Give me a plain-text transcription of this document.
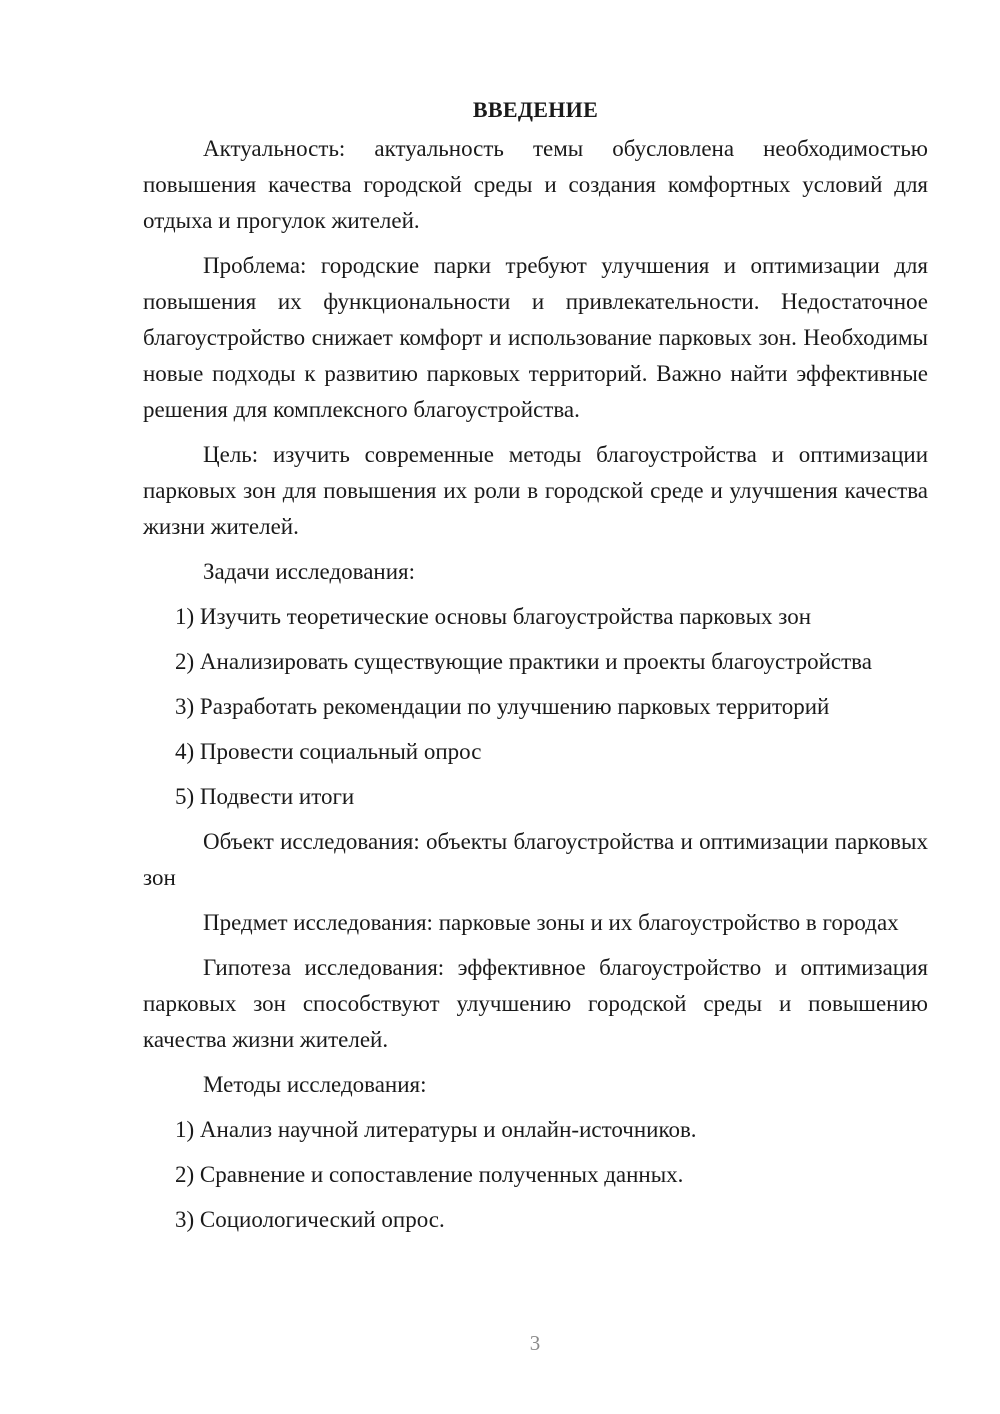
ВВЕДЕНИЕ

Актуальность: актуальность темы обусловлена необходимостью повышения качества городской среды и создания комфортных условий для отдыха и прогулок жителей.

Проблема: городские парки требуют улучшения и оптимизации для повышения их функциональности и привлекательности. Недостаточное благоустройство снижает комфорт и использование парковых зон. Необходимы новые подходы к развитию парковых территорий. Важно найти эффективные решения для комплексного благоустройства.

Цель: изучить современные методы благоустройства и оптимизации парковых зон для повышения их роли в городской среде и улучшения качества жизни жителей.

Задачи исследования:

1) Изучить теоретические основы благоустройства парковых зон

2) Анализировать существующие практики и проекты благоустройства

3) Разработать рекомендации по улучшению парковых территорий

4) Провести социальный опрос

5) Подвести итоги

Объект исследования: объекты благоустройства и оптимизации парковых зон

Предмет исследования: парковые зоны и их благоустройство в городах

Гипотеза исследования: эффективное благоустройство и оптимизация парковых зон способствуют улучшению городской среды и повышению качества жизни жителей.

Методы исследования:

1) Анализ научной литературы и онлайн-источников.

2) Сравнение и сопоставление полученных данных.

3) Социологический опрос.

3
